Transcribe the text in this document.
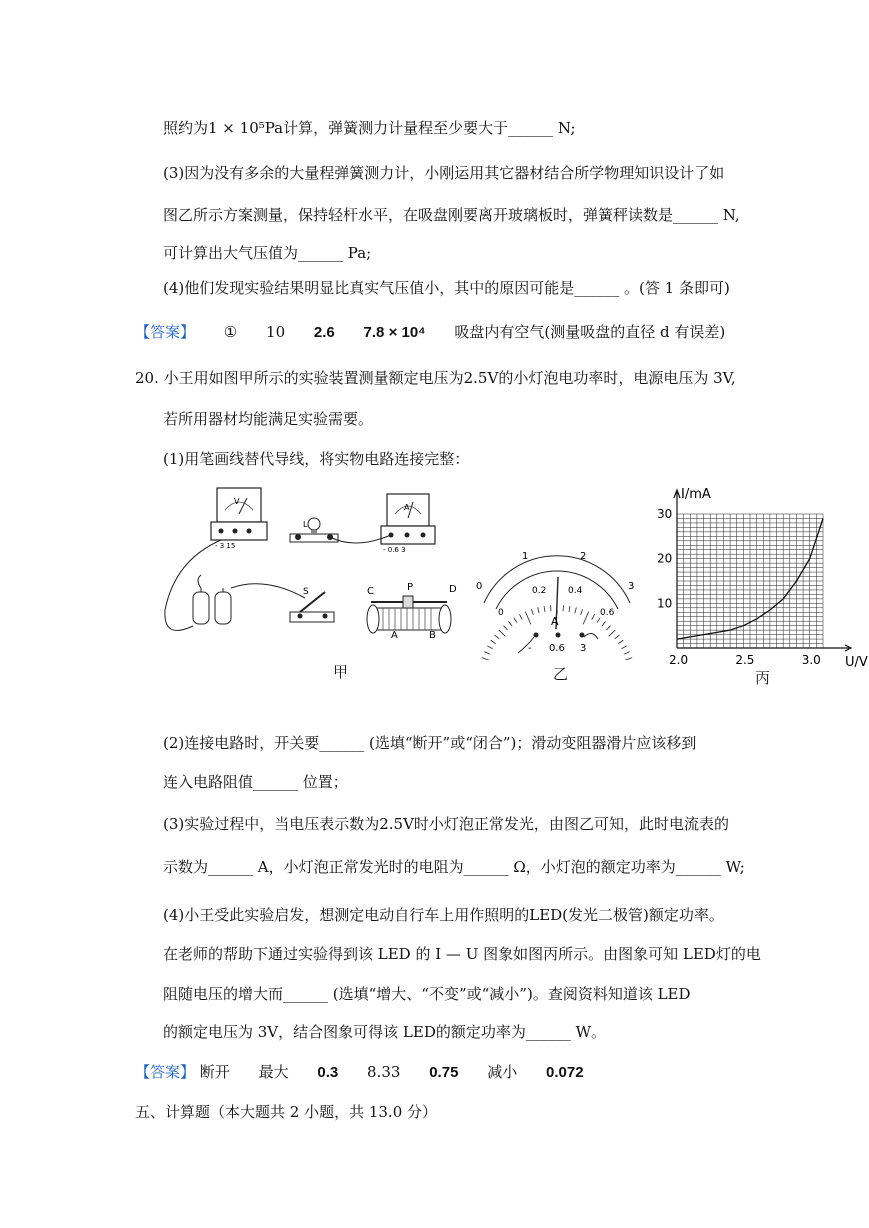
照约为1 × 10⁵Pa计算，弹簧测力计量程至少要大于______ N;
(3)因为没有多余的大量程弹簧测力计，小刚运用其它器材结合所学物理知识设计了如
图乙所示方案测量，保持轻杆水平，在吸盘刚要离开玻璃板时，弹簧秤读数是______ N,
可计算出大气压值为______ Pa;
(4)他们发现实验结果明显比真实气压值小，其中的原因可能是______ 。(答 1 条即可)
【答案】 ① 10 2.6 7.8 × 10⁴ 吸盘内有空气(测量吸盘的直径 d 有误差)
20. 小王用如图甲所示的实验装置测量额定电压为2.5V的小灯泡电功率时，电源电压为 3V,
若所用器材均能满足实验需要。
(1)用笔画线替代导线，将实物电路连接完整：
V
- 3 15
L
A
- 0.6 3
S	C	P	D
A	B
甲
0
1	2
3
0
0.2 0.4
0.6
A
- 0.6 3
乙
2.0	2.5	3.0
10
20
30
I/mA
U/V
丙
(2)连接电路时，开关要______ (选填“断开”或“闭合”)；滑动变阻器滑片应该移到
连入电路阻值______ 位置；
(3)实验过程中，当电压表示数为2.5V时小灯泡正常发光，由图乙可知，此时电流表的
示数为______ A，小灯泡正常发光时的电阻为______ Ω，小灯泡的额定功率为______ W;
(4)小王受此实验启发，想测定电动自行车上用作照明的LED(发光二极管)额定功率。
在老师的帮助下通过实验得到该 LED 的 I — U 图象如图丙所示。由图象可知 LED灯的电
阻随电压的增大而______ (选填“增大、“不变”或“减小”)。查阅资料知道该 LED
的额定电压为 3V，结合图象可得该 LED的额定功率为______ W。
【答案】 断开 最大 0.3 8.33 0.75 减小 0.072
五、计算题（本大题共 2 小题，共 13.0 分）
